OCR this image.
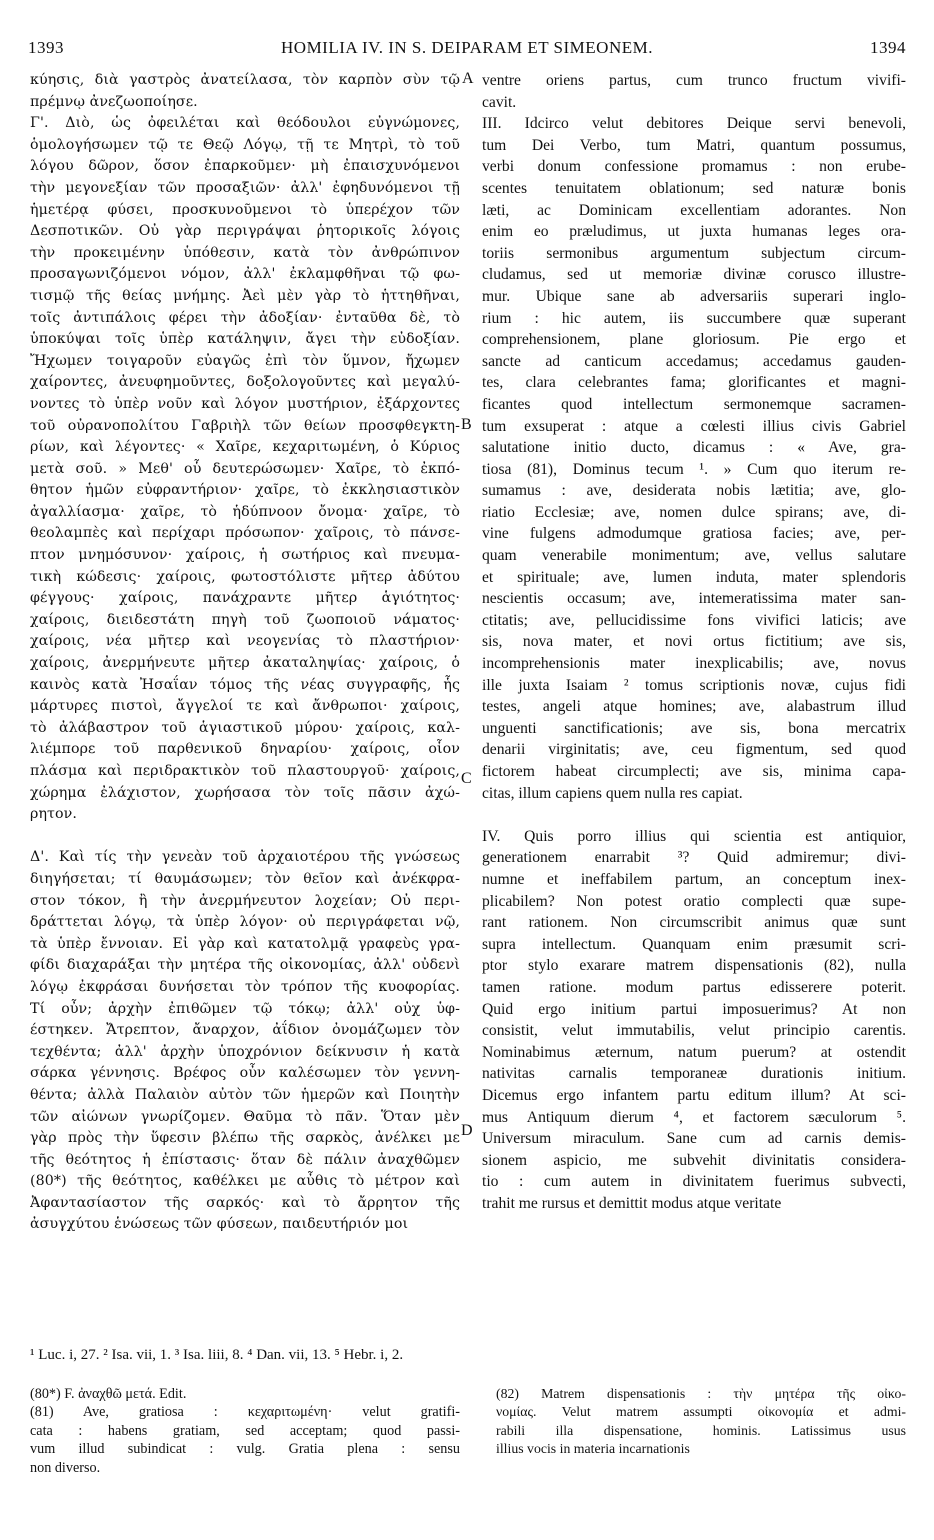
1393	HOMILIA IV. IN S. DEIPARAM ET SIMEONEM.	1394
κύησις, διὰ γαστρὸς ἀνατείλασα, τὸν καρπὸν σὺν τῷ
πρέμνῳ ἀνεζωοποίησε.
Γ'. Διὸ, ὡς ὀφειλέται καὶ θεόδουλοι εὐγνώμονες,
ὁμολογήσωμεν τῷ τε Θεῷ Λόγῳ, τῇ τε Μητρὶ, τὸ τοῦ
λόγου δῶρον, ὅσον ἐπαρκοῦμεν· μὴ ἐπαισχυνόμενοι
τὴν μεγονεξίαν τῶν προσαξιῶν· ἀλλ' ἐφηδυνόμενοι τῇ
ἡμετέρᾳ φύσει, προσκυνοῦμενοι τὸ ὑπερέχον τῶν
Δεσποτικῶν. Οὐ γὰρ περιγράψαι ῥητορικοῖς λόγοις
τὴν προκειμένην ὑπόθεσιν, κατὰ τὸν ἀνθρώπινον
προσαγωνιζόμενοι νόμον, ἀλλ' ἐκλαμφθῆναι τῷ φω-
τισμῷ τῆς θείας μνήμης. Ἀεὶ μὲν γὰρ τὸ ἡττηθῆναι,
τοῖς ἀντιπάλοις φέρει τὴν ἀδοξίαν· ἐνταῦθα δὲ, τὸ
ὑποκύψαι τοῖς ὑπὲρ κατάληψιν, ἄγει τὴν εὐδοξίαν.
Ἤχωμεν τοιγαροῦν εὐαγῶς ἐπὶ τὸν ὕμνον, ἤχωμεν
χαίροντες, ἀνευφημοῦντες, δοξολογοῦντες καὶ μεγαλύ-
νοντες τὸ ὑπὲρ νοῦν καὶ λόγον μυστήριον, ἐξάρχοντες
τοῦ οὐρανοπολίτου Γαβριὴλ τῶν θείων προσφθεγκτη-
ρίων, καὶ λέγοντες· « Χαῖρε, κεχαριτωμένη, ὁ Κύριος
μετὰ σοῦ. » Μεθ' οὗ δευτερώσωμεν· Χαῖρε, τὸ ἐκπό-
θητον ἡμῶν εὐφραντήριον· χαῖρε, τὸ ἐκκλησιαστικὸν
ἀγαλλίασμα· χαῖρε, τὸ ἡδύπνοον ὄνομα· χαῖρε, τὸ
θεολαμπὲς καὶ περίχαρι πρόσωπον· χαῖροις, τὸ πάνσε-
πτον μνημόσυνον· χαίροις, ἡ σωτήριος καὶ πνευμα-
τικὴ κώδεσις· χαίροις, φωτοστόλιστε μῆτερ ἀδύτου
φέγγους· χαίροις, πανάχραντε μῆτερ ἁγιότητος·
χαίροις, διειδεστάτη πηγὴ τοῦ ζωοποιοῦ νάματος·
χαίροις, νέα μῆτερ καὶ νεογενίας τὸ πλαστήριον·
χαίροις, ἀνερμήνευτε μῆτερ ἀκαταληψίας· χαίροις, ὁ
καινὸς κατὰ Ἠσαΐαν τόμος τῆς νέας συγγραφῆς, ἧς
μάρτυρες πιστοὶ, ἄγγελοί τε καὶ ἄνθρωποι· χαίροις,
τὸ ἀλάβαστρον τοῦ ἁγιαστικοῦ μύρου· χαίροις, καλ-
λιέμπορε τοῦ παρθενικοῦ δηναρίου· χαίροις, οἷον
πλάσμα καὶ περιδρακτικὸν τοῦ πλαστουργοῦ· χαίροις,
χώρημα ἐλάχιστον, χωρήσασα τὸν τοῖς πᾶσιν ἀχώ-
ρητον.
Δ'. Καὶ τίς τὴν γενεὰν τοῦ ἀρχαιοτέρου τῆς γνώσεως
διηγήσεται; τί θαυμάσωμεν; τὸν θεῖον καὶ ἀνέκφρα-
στον τόκον, ἢ τὴν ἀνερμήνευτον λοχείαν; Οὐ περι-
δράττεται λόγῳ, τὰ ὑπὲρ λόγον· οὐ περιγράφεται νῷ,
τὰ ὑπὲρ ἔννοιαν. Εἰ γὰρ καὶ κατατολμᾷ γραφεὺς γρα-
φίδι διαχαράξαι τὴν μητέρα τῆς οἰκονομίας, ἀλλ' οὐδενὶ
λόγῳ ἐκφράσαι δυνήσεται τὸν τρόπον τῆς κυοφορίας.
Τί οὖν; ἀρχὴν ἐπιθῶμεν τῷ τόκῳ; ἀλλ' οὐχ ὑφ-
έστηκεν. Ἄτρεπτον, ἄναρχον, ἀΐδιον ὀνομάζωμεν τὸν
τεχθέντα; ἀλλ' ἀρχὴν ὑποχρόνιον δείκνυσιν ἡ κατὰ
σάρκα γέννησις. Βρέφος οὖν καλέσωμεν τὸν γεννη-
θέντα; ἀλλὰ Παλαιὸν αὐτὸν τῶν ἡμερῶν καὶ Ποιητὴν
τῶν αἰώνων γνωρίζομεν. Θαῦμα τὸ πᾶν. Ὅταν μὲν
γὰρ πρὸς τὴν ὕφεσιν βλέπω τῆς σαρκὸς, ἀνέλκει με
τῆς θεότητος ἡ ἐπίστασις· ὅταν δὲ πάλιν ἀναχθῶμεν
(80*) τῆς θεότητος, καθέλκει με αὖθις τὸ μέτρον καὶ
Ἀφαντασίαστον τῆς σαρκός· καὶ τὸ ἄρρητον τῆς
ἀσυγχύτου ἑνώσεως τῶν φύσεων, παιδευτήριόν μοι
ventre oriens partus, cum trunco fructum vivifi-
cavit.
III. Idcirco velut debitores Deique servi benevoli,
tum Dei Verbo, tum Matri, quantum possumus,
verbi donum confessione promamus : non erube-
scentes tenuitatem oblationum; sed naturæ bonis
læti, ac Dominicam excellentiam adorantes. Non
enim eo præludimus, ut juxta humanas leges ora-
toriis sermonibus argumentum subjectum circum-
cludamus, sed ut memoriæ divinæ corusco illustre-
mur. Ubique sane ab adversariis superari inglo-
rium : hic autem, iis succumbere quæ superant
comprehensionem, plane gloriosum. Pie ergo et
sancte ad canticum accedamus; accedamus gauden-
tes, clara celebrantes fama; glorificantes et magni-
ficantes quod intellectum sermonemque sacramen-
tum exsuperat : atque a cœlesti illius civis Gabriel
salutatione initio ducto, dicamus : « Ave, gra-
tiosa (81), Dominus tecum ¹. » Cum quo iterum re-
sumamus : ave, desiderata nobis lætitia; ave, glo-
riatio Ecclesiæ; ave, nomen dulce spirans; ave, di-
vine fulgens admodumque gratiosa facies; ave, per-
quam venerabile monimentum; ave, vellus salutare
et spirituale; ave, lumen induta, mater splendoris
nescientis occasum; ave, intemeratissima mater san-
ctitatis; ave, pellucidissime fons vivifici laticis; ave
sis, nova mater, et novi ortus fictitium; ave sis,
incomprehensionis mater inexplicabilis; ave, novus
ille juxta Isaiam ² tomus scriptionis novæ, cujus fidi
testes, angeli atque homines; ave, alabastrum illud
unguenti sanctificationis; ave sis, bona mercatrix
denarii virginitatis; ave, ceu figmentum, sed quod
fictorem habeat circumplecti; ave sis, minima capa-
citas, illum capiens quem nulla res capiat.
IV. Quis porro illius qui scientia est antiquior,
generationem enarrabit ³? Quid admiremur; divi-
numne et ineffabilem partum, an conceptum inex-
plicabilem? Non potest oratio complecti quæ supe-
rant rationem. Non circumscribit animus quæ sunt
supra intellectum. Quanquam enim præsumit scri-
ptor stylo exarare matrem dispensationis (82), nulla
tamen ratione. modum partus edisserere poterit.
Quid ergo initium partui imposuerimus? At non
consistit, velut immutabilis, velut principio carentis.
Nominabimus æternum, natum puerum? at ostendit
nativitas carnalis temporaneæ durationis initium.
Dicemus ergo infantem partu editum illum? At sci-
mus Antiquum dierum ⁴, et factorem sæculorum ⁵.
Universum miraculum. Sane cum ad carnis demis-
sionem aspicio, me subvehit divinitatis considera-
tio : cum autem in divinitatem fuerimus subvecti,
trahit me rursus et demittit modus atque veritate
A
B
C
D
¹ Luc. i, 27. ² Isa. vii, 1. ³ Isa. liii, 8. ⁴ Dan. vii, 13. ⁵ Hebr. i, 2.
(80*) F. ἀναχθῶ μετά. Edit.
(81) Ave, gratiosa : κεχαριτωμένη· velut gratifi-
cata : habens gratiam, sed acceptam; quod passi-
vum illud subindicat : vulg. Gratia plena : sensu
non diverso.
(82) Matrem dispensationis : τὴν μητέρα τῆς οἰκο-
νομίας. Velut matrem assumpti οἰκονομία et admi-
rabili illa dispensatione, hominis. Latissimus usus
illius vocis in materia incarnationis
